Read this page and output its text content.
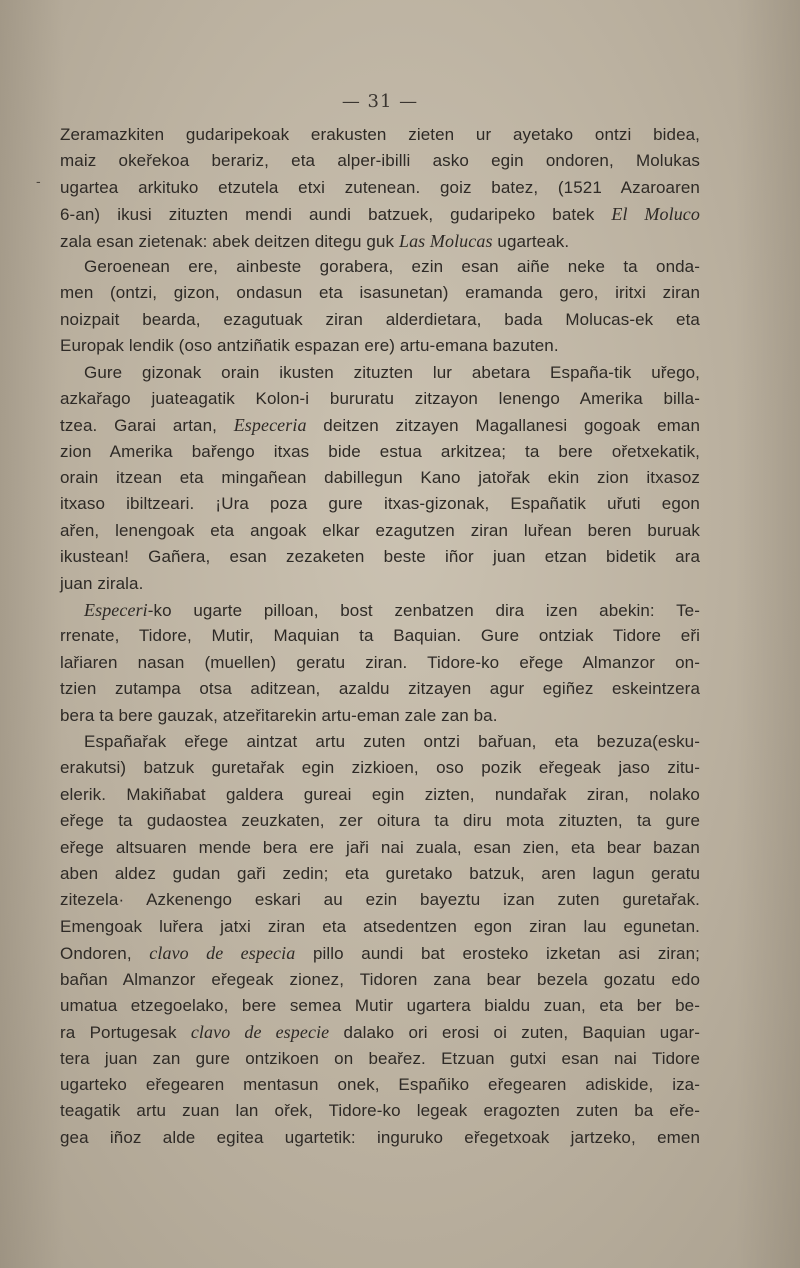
— 31 —
-
Zeramazkiten gudaripekoak erakusten zieten ur ayetako ontzi bidea,
maiz okeřekoa berariz, eta alper-ibilli asko egin ondoren, Molukas
ugartea arkituko etzutela etxi zutenean. goiz batez, (1521 Azaroaren
6-an) ikusi zituzten mendi aundi batzuek, gudaripeko batek El Moluco
zala esan zietenak: abek deitzen ditegu guk Las Molucas ugarteak.
Geroenean ere, ainbeste gorabera, ezin esan aiñe neke ta onda-
men (ontzi, gizon, ondasun eta isasunetan) eramanda gero, iritxi ziran
noizpait bearda, ezagutuak ziran alderdietara, bada Molucas-ek eta
Europak lendik (oso antziñatik espazan ere) artu-emana bazuten.
Gure gizonak orain ikusten zituzten lur abetara España-tik uřego,
azkařago juateagatik Kolon-i bururatu zitzayon lenengo Amerika billa-
tzea. Garai artan, Especeria deitzen zitzayen Magallanesi gogoak eman
zion Amerika bařengo itxas bide estua arkitzea; ta bere ořetxekatik,
orain itzean eta mingañean dabillegun Kano jatořak ekin zion itxasoz
itxaso ibiltzeari. ¡Ura poza gure itxas-gizonak, Españatik uřuti egon
ařen, lenengoak eta angoak elkar ezagutzen ziran luřean beren buruak
ikustean! Gañera, esan zezaketen beste iñor juan etzan bidetik ara
juan zirala.
Especeri-ko ugarte pilloan, bost zenbatzen dira izen abekin: Te-
rrenate, Tidore, Mutir, Maquian ta Baquian. Gure ontziak Tidore eři
lařiaren nasan (muellen) geratu ziran. Tidore-ko eřege Almanzor on-
tzien zutampa otsa aditzean, azaldu zitzayen agur egiñez eskeintzera
bera ta bere gauzak, atzeřitarekin artu-eman zale zan ba.
Españařak eřege aintzat artu zuten ontzi bařuan, eta bezuza(esku-
erakutsi) batzuk guretařak egin zizkioen, oso pozik eřegeak jaso zitu-
elerik. Makiñabat galdera gureai egin zizten, nundařak ziran, nolako
eřege ta gudaostea zeuzkaten, zer oitura ta diru mota zituzten, ta gure
eřege altsuaren mende bera ere jaři nai zuala, esan zien, eta bear bazan
aben aldez gudan gaři zedin; eta guretako batzuk, aren lagun geratu
zitezela· Azkenengo eskari au ezin bayeztu izan zuten guretařak.
Emengoak luřera jatxi ziran eta atsedentzen egon ziran lau egunetan.
Ondoren, clavo de especia pillo aundi bat erosteko izketan asi ziran;
bañan Almanzor eřegeak zionez, Tidoren zana bear bezela gozatu edo
umatua etzegoelako, bere semea Mutir ugartera bialdu zuan, eta ber be-
ra Portugesak clavo de especie dalako ori erosi oi zuten, Baquian ugar-
tera juan zan gure ontzikoen on beařez. Etzuan gutxi esan nai Tidore
ugarteko eřegearen mentasun onek, Españiko eřegearen adiskide, iza-
teagatik artu zuan lan ořek, Tidore-ko legeak eragozten zuten ba eře-
gea iñoz alde egitea ugartetik: inguruko eřegetxoak jartzeko, emen
